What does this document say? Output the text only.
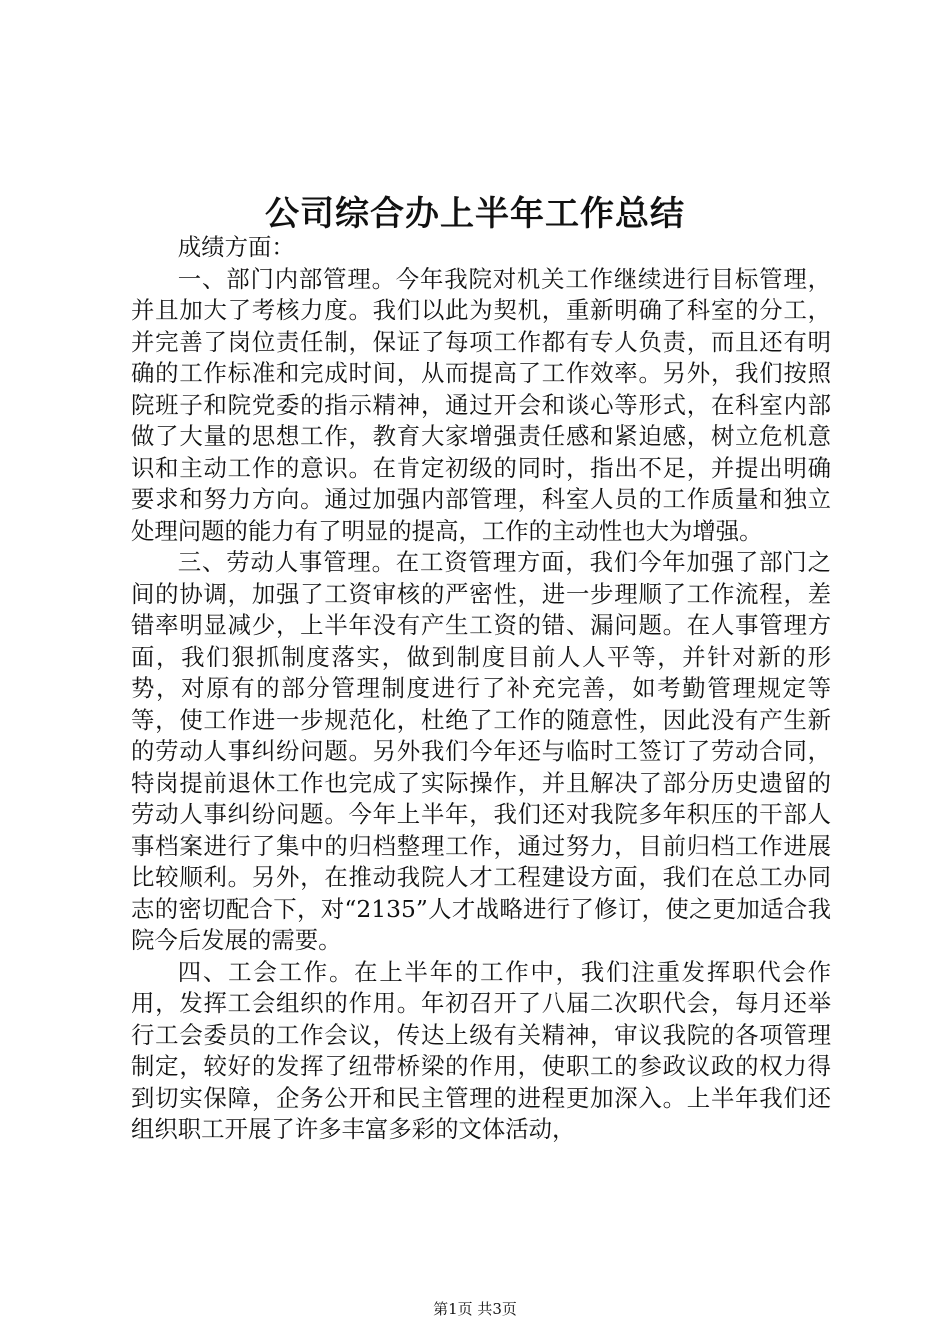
公司综合办上半年工作总结

成绩方面：

一、部门内部管理。今年我院对机关工作继续进行目标管理，并且加大了考核力度。我们以此为契机，重新明确了科室的分工，并完善了岗位责任制，保证了每项工作都有专人负责，而且还有明确的工作标准和完成时间，从而提高了工作效率。另外，我们按照院班子和院党委的指示精神，通过开会和谈心等形式，在科室内部做了大量的思想工作，教育大家增强责任感和紧迫感，树立危机意识和主动工作的意识。在肯定初级的同时，指出不足，并提出明确要求和努力方向。通过加强内部管理，科室人员的工作质量和独立处理问题的能力有了明显的提高，工作的主动性也大为增强。

三、劳动人事管理。在工资管理方面，我们今年加强了部门之间的协调，加强了工资审核的严密性，进一步理顺了工作流程，差错率明显减少，上半年没有产生工资的错、漏问题。在人事管理方面，我们狠抓制度落实，做到制度目前人人平等，并针对新的形势，对原有的部分管理制度进行了补充完善，如考勤管理规定等等，使工作进一步规范化，杜绝了工作的随意性，因此没有产生新的劳动人事纠纷问题。另外我们今年还与临时工签订了劳动合同，特岗提前退休工作也完成了实际操作，并且解决了部分历史遗留的劳动人事纠纷问题。今年上半年，我们还对我院多年积压的干部人事档案进行了集中的归档整理工作，通过努力，目前归档工作进展比较顺利。另外，在推动我院人才工程建设方面，我们在总工办同志的密切配合下，对“2135”人才战略进行了修订，使之更加适合我院今后发展的需要。

四、工会工作。在上半年的工作中，我们注重发挥职代会作用，发挥工会组织的作用。年初召开了八届二次职代会，每月还举行工会委员的工作会议，传达上级有关精神，审议我院的各项管理制定，较好的发挥了纽带桥梁的作用，使职工的参政议政的权力得到切实保障，企务公开和民主管理的进程更加深入。上半年我们还组织职工开展了许多丰富多彩的文体活动，

第1页 共3页
